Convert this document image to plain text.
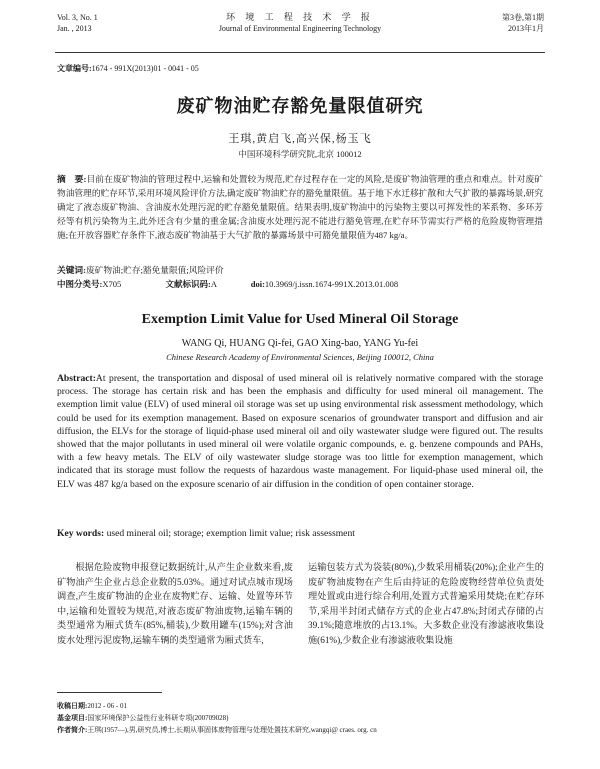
Vol. 3, No. 1
Jan. , 2013
环 境 工 程 技 术 学 报
Journal of Environmental Engineering Technology
第3卷,第1期
2013年1月
文章编号:1674 - 991X(2013)01 - 0041 - 05
废矿物油贮存豁免量限值研究
王琪,黄启飞,高兴保,杨玉飞
中国环境科学研究院,北京 100012
摘　要:目前在废矿物油的管理过程中,运输和处置较为规范,贮存过程存在一定的风险,是废矿物油管理的重点和难点。针对废矿物油管理的贮存环节,采用环境风险评价方法,确定废矿物油贮存的豁免量限值。基于地下水迁移扩散和大气扩散的暴露场景,研究确定了液态废矿物油、含油废水处理污泥的贮存豁免量限值。结果表明,废矿物油中的污染物主要以可挥发性的苯系物、多环芳烃等有机污染物为主,此外还含有少量的重金属;含油废水处理污泥不能进行豁免管理,在贮存环节需实行严格的危险废物管理措施;在开放容器贮存条件下,液态废矿物油基于大气扩散的暴露场景中可豁免量限值为487 kg/a。
关键词:废矿物油;贮存;豁免量限值;风险评价
中图分类号:X705	文献标识码:A	doi:10.3969/j.issn.1674-991X.2013.01.008
Exemption Limit Value for Used Mineral Oil Storage
WANG Qi, HUANG Qi-fei, GAO Xing-bao, YANG Yu-fei
Chinese Research Academy of Environmental Sciences, Beijing 100012, China
Abstract:At present, the transportation and disposal of used mineral oil is relatively normative compared with the storage process. The storage has certain risk and has been the emphasis and difficulty for used mineral oil management. The exemption limit value (ELV) of used mineral oil storage was set up using environmental risk assessment methodology, which could be used for its exemption management. Based on exposure scenarios of groundwater transport and diffusion and air diffusion, the ELVs for the storage of liquid-phase used mineral oil and oily wastewater sludge were figured out. The results showed that the major pollutants in used mineral oil were volatile organic compounds, e. g. benzene compounds and PAHs, with a few heavy metals. The ELV of oily wastewater sludge storage was too little for exemption management, which indicated that its storage must follow the requests of hazardous waste management. For liquid-phase used mineral oil, the ELV was 487 kg/a based on the exposure scenario of air diffusion in the condition of open container storage.
Key words: used mineral oil; storage; exemption limit value; risk assessment
根据危险废物申报登记数据统计,从产生企业数来看,废矿物油产生企业占总企业数的5.03%。通过对试点城市现场调查,产生废矿物油的企业在废物贮存、运输、处置等环节中,运输和处置较为规范,对液态废矿物油废物,运输车辆的类型通常为厢式货车(85%,桶装),少数用罐车(15%);对含油废水处理污泥废物,运输车辆的类型通常为厢式货车,
运输包装方式为袋装(80%),少数采用桶装(20%);企业产生的废矿物油废物在产生后由持证的危险废物经营单位负责处理处置或由进行综合利用,处置方式普遍采用焚烧;在贮存环节,采用半封闭式储存方式的企业占47.8%;封闭式存储的占39.1%;随意堆放的占13.1%。大多数企业没有渗滤液收集设施(61%),少数企业有渗滤液收集设施
收稿日期:2012 - 06 - 01
基金项目:国家环境保护公益性行业科研专项(200709028)
作者简介:王琪(1957—),男,研究员,博士,长期从事固体废物管理与处理处置技术研究,wangqi@ craes. org. cn
